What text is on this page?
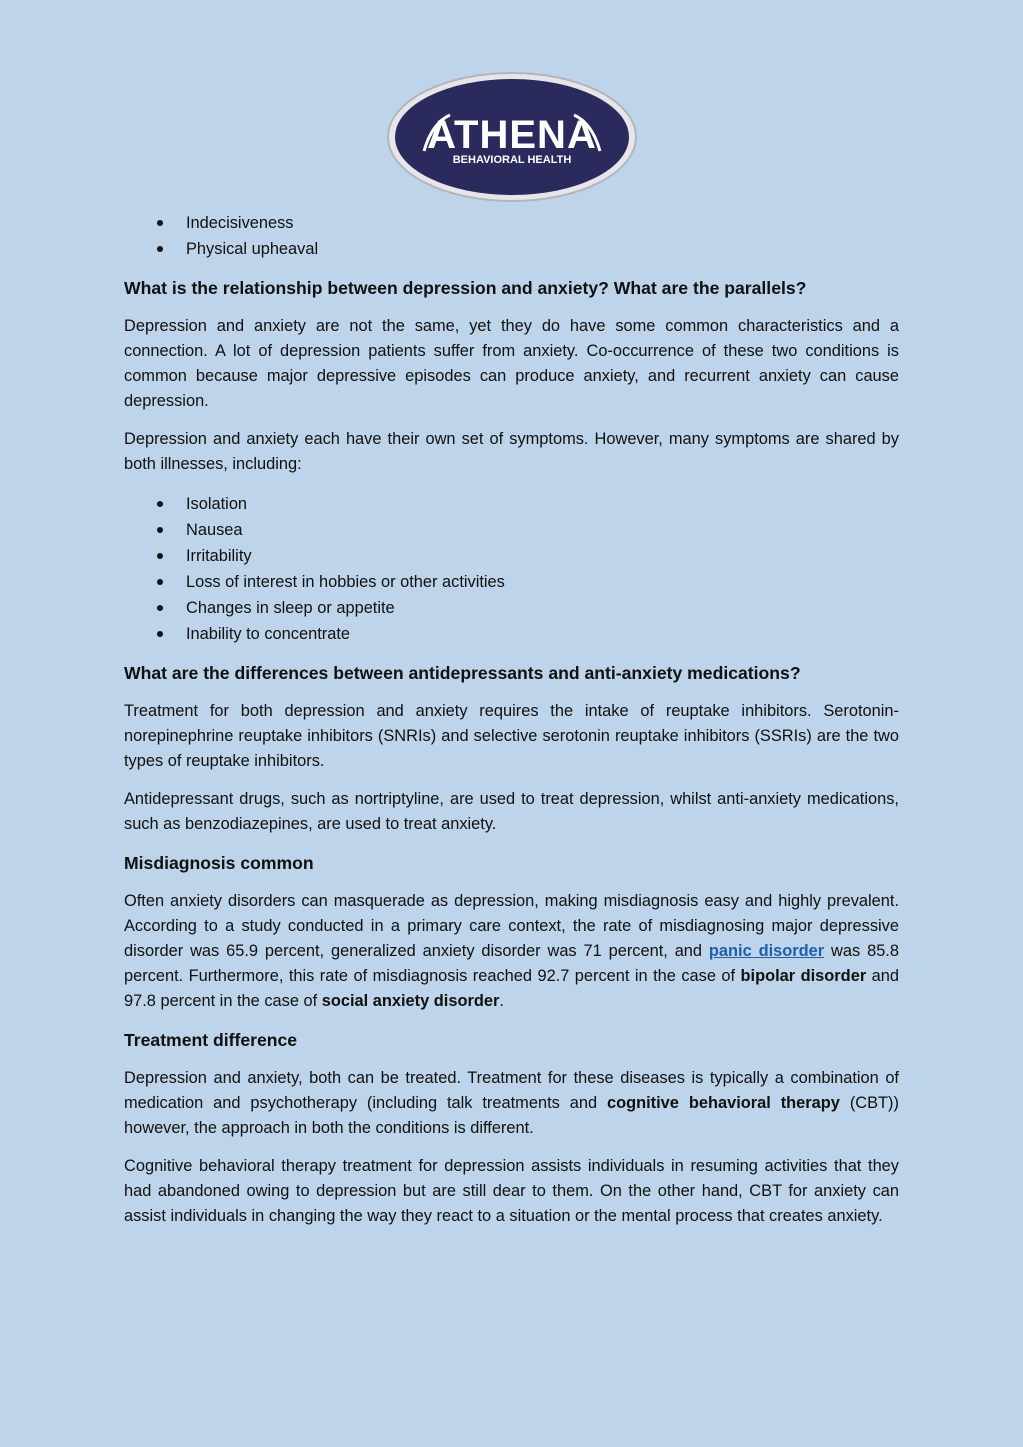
ATHENA
BEHAVIORAL HEALTH
Indecisiveness
Physical upheaval
What is the relationship between depression and anxiety? What are the parallels?

Depression and anxiety are not the same, yet they do have some common characteristics and a connection. A lot of depression patients suffer from anxiety. Co-occurrence of these two conditions is common because major depressive episodes can produce anxiety, and recurrent anxiety can cause depression.

Depression and anxiety each have their own set of symptoms. However, many symptoms are shared by both illnesses, including:

Isolation
Nausea
Irritability
Loss of interest in hobbies or other activities
Changes in sleep or appetite
Inability to concentrate
What are the differences between antidepressants and anti-anxiety medications?

Treatment for both depression and anxiety requires the intake of reuptake inhibitors. Serotonin-norepinephrine reuptake inhibitors (SNRIs) and selective serotonin reuptake inhibitors (SSRIs) are the two types of reuptake inhibitors.

Antidepressant drugs, such as nortriptyline, are used to treat depression, whilst anti-anxiety medications, such as benzodiazepines, are used to treat anxiety.

Misdiagnosis common

Often anxiety disorders can masquerade as depression, making misdiagnosis easy and highly prevalent. According to a study conducted in a primary care context, the rate of misdiagnosing major depressive disorder was 65.9 percent, generalized anxiety disorder was 71 percent, and panic disorder was 85.8 percent. Furthermore, this rate of misdiagnosis reached 92.7 percent in the case of bipolar disorder and 97.8 percent in the case of social anxiety disorder.

Treatment difference

Depression and anxiety, both can be treated. Treatment for these diseases is typically a combination of medication and psychotherapy (including talk treatments and cognitive behavioral therapy (CBT)) however, the approach in both the conditions is different.

Cognitive behavioral therapy treatment for depression assists individuals in resuming activities that they had abandoned owing to depression but are still dear to them. On the other hand, CBT for anxiety can assist individuals in changing the way they react to a situation or the mental process that creates anxiety.
